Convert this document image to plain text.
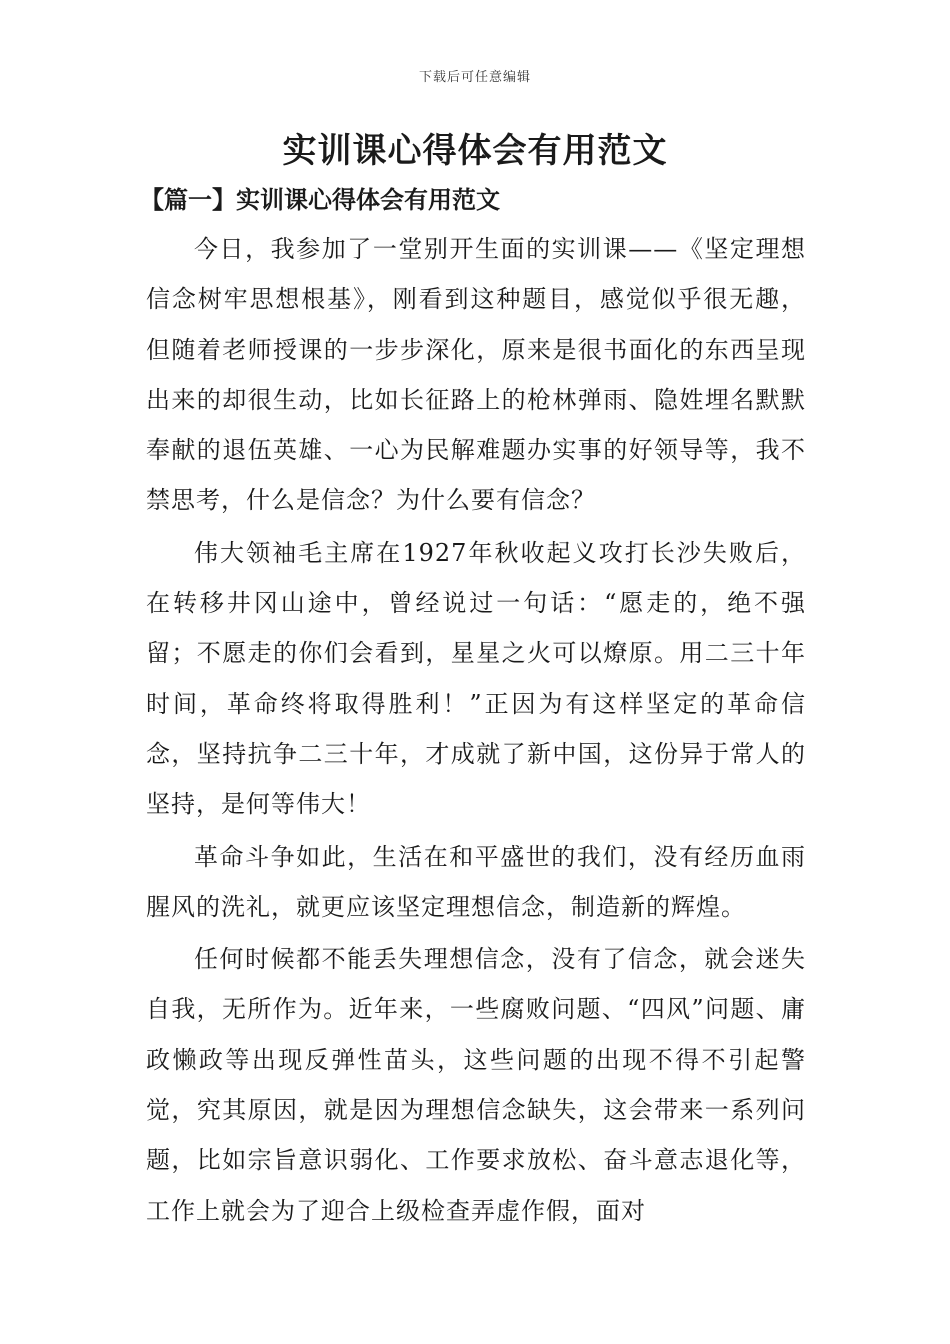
下载后可任意编辑
实训课心得体会有用范文
【篇一】实训课心得体会有用范文

今日，我参加了一堂别开生面的实训课——《坚定理想信念树牢思想根基》，刚看到这种题目，感觉似乎很无趣，但随着老师授课的一步步深化，原来是很书面化的东西呈现出来的却很生动，比如长征路上的枪林弹雨、隐姓埋名默默奉献的退伍英雄、一心为民解难题办实事的好领导等，我不禁思考，什么是信念？为什么要有信念？

伟大领袖毛主席在1927年秋收起义攻打长沙失败后，在转移井冈山途中，曾经说过一句话：“愿走的，绝不强留；不愿走的你们会看到，星星之火可以燎原。用二三十年时间，革命终将取得胜利！”正因为有这样坚定的革命信念，坚持抗争二三十年，才成就了新中国，这份异于常人的坚持，是何等伟大！

革命斗争如此，生活在和平盛世的我们，没有经历血雨腥风的洗礼，就更应该坚定理想信念，制造新的辉煌。

任何时候都不能丢失理想信念，没有了信念，就会迷失自我，无所作为。近年来，一些腐败问题、“四风”问题、庸政懒政等出现反弹性苗头，这些问题的出现不得不引起警觉，究其原因，就是因为理想信念缺失，这会带来一系列问题，比如宗旨意识弱化、工作要求放松、奋斗意志退化等，工作上就会为了迎合上级检查弄虚作假，面对
